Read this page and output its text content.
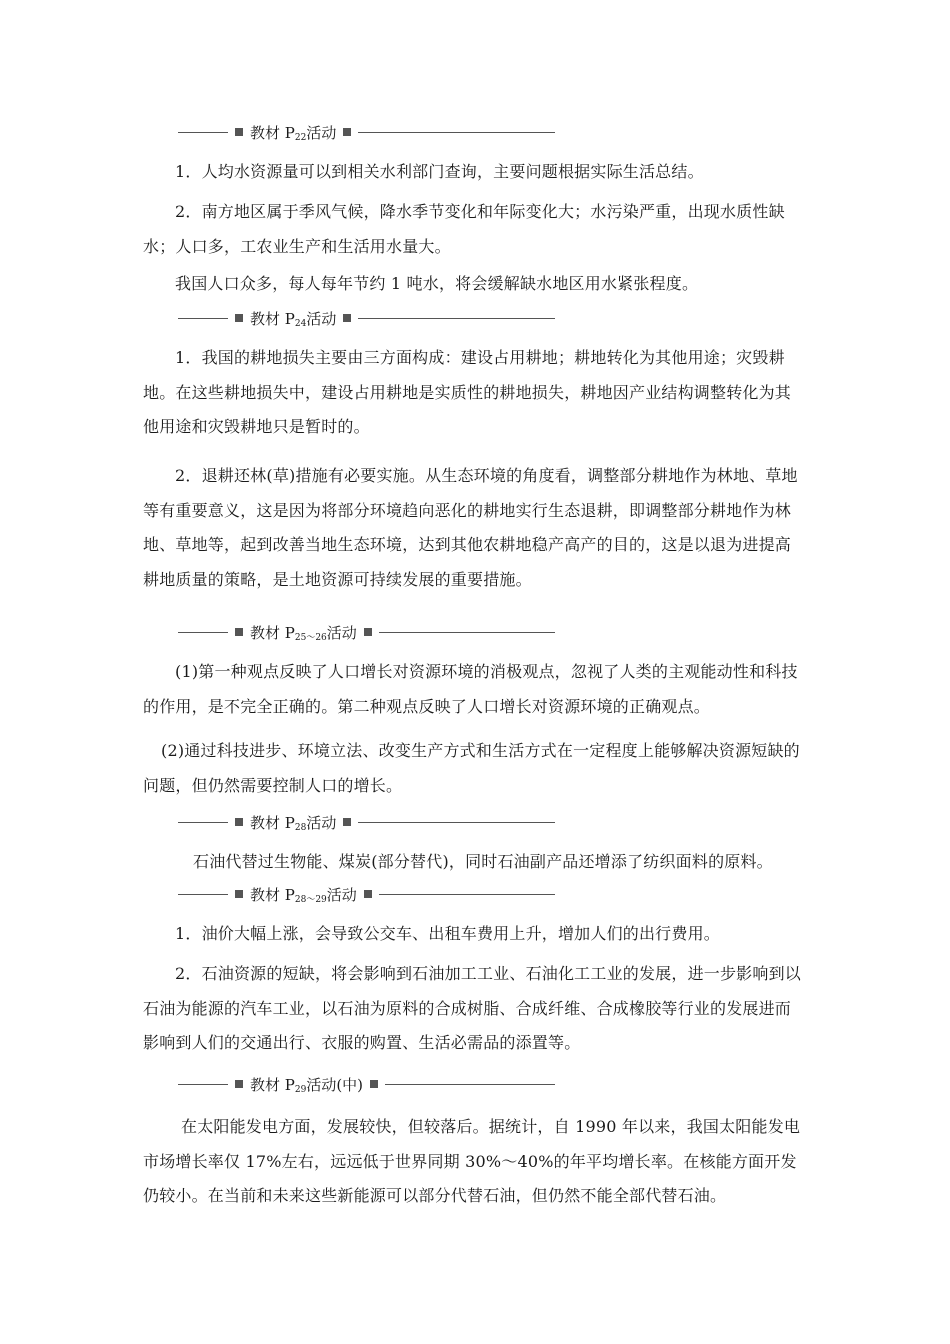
教材 $P_{22}$活动

1．人均水资源量可以到相关水利部门查询，主要问题根据实际生活总结。

2．南方地区属于季风气候，降水季节变化和年际变化大；水污染严重，出现水质性缺水；人口多，工农业生产和生活用水量大。

我国人口众多，每人每年节约 1 吨水，将会缓解缺水地区用水紧张程度。

教材 $P_{24}$活动

1．我国的耕地损失主要由三方面构成：建设占用耕地；耕地转化为其他用途；灾毁耕地。在这些耕地损失中，建设占用耕地是实质性的耕地损失，耕地因产业结构调整转化为其他用途和灾毁耕地只是暂时的。

2．退耕还林(草)措施有必要实施。从生态环境的角度看，调整部分耕地作为林地、草地等有重要意义，这是因为将部分环境趋向恶化的耕地实行生态退耕，即调整部分耕地作为林地、草地等，起到改善当地生态环境，达到其他农耕地稳产高产的目的，这是以退为进提高耕地质量的策略，是土地资源可持续发展的重要措施。

教材 $P_{25\sim 26}$活动

(1)第一种观点反映了人口增长对资源环境的消极观点，忽视了人类的主观能动性和科技的作用，是不完全正确的。第二种观点反映了人口增长对资源环境的正确观点。

(2)通过科技进步、环境立法、改变生产方式和生活方式在一定程度上能够解决资源短缺的问题，但仍然需要控制人口的增长。

教材 $P_{28}$活动

石油代替过生物能、煤炭(部分替代)，同时石油副产品还增添了纺织面料的原料。

教材 $P_{28\sim 29}$活动

1．油价大幅上涨，会导致公交车、出租车费用上升，增加人们的出行费用。

2．石油资源的短缺，将会影响到石油加工工业、石油化工工业的发展，进一步影响到以石油为能源的汽车工业，以石油为原料的合成树脂、合成纤维、合成橡胶等行业的发展进而影响到人们的交通出行、衣服的购置、生活必需品的添置等。

教材 $P_{29}$活动(中)

在太阳能发电方面，发展较快，但较落后。据统计，自 1990 年以来，我国太阳能发电市场增长率仅 17%左右，远远低于世界同期 30%～40%的年平均增长率。在核能方面开发仍较小。在当前和未来这些新能源可以部分代替石油，但仍然不能全部代替石油。
